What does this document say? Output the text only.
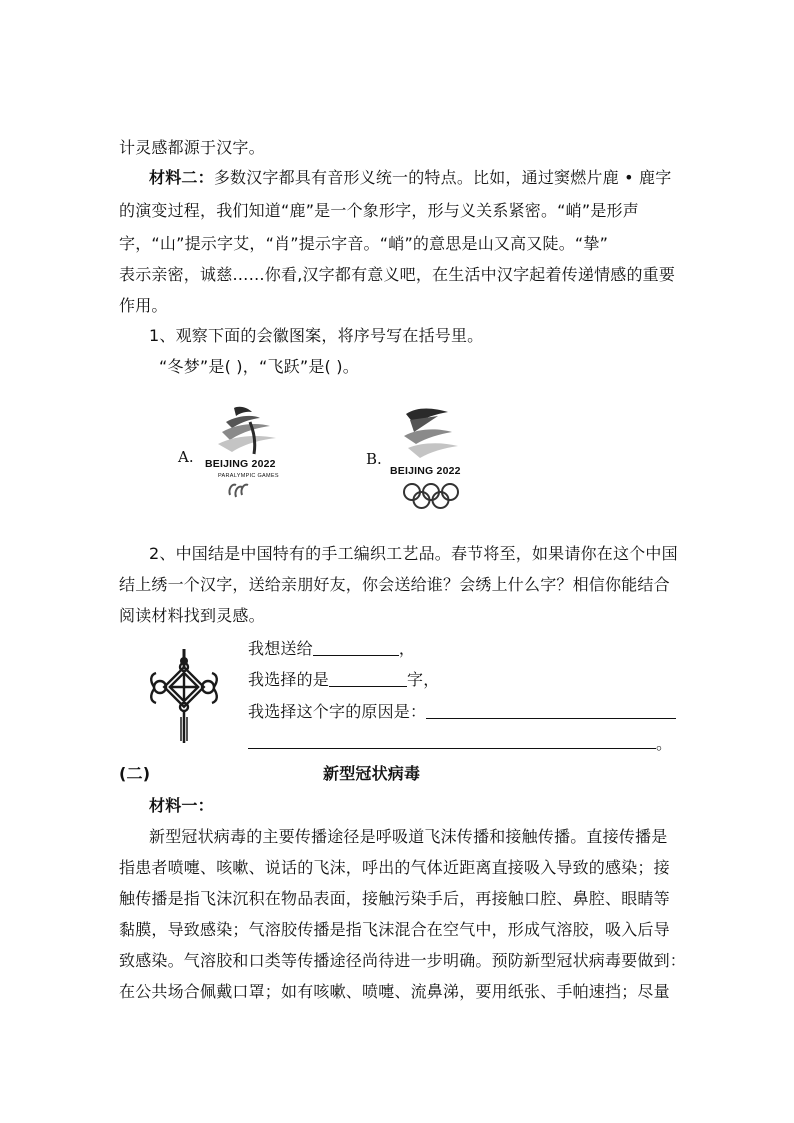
计灵感都源于汉字。
材料二：多数汉字都具有音形义统一的特点。比如，通过窦燃片鹿 • 鹿字
的演变过程，我们知道“鹿”是一个象形字，形与义关系紧密。“峭”是形声
字，“山”提示字艾，“肖”提示字音。“峭”的意思是山又高又陡。“挚”
表示亲密，诚慈……你看,汉字都有意义吧，在生活中汉字起着传递情感的重要
作用。
1、观察下面的会徽图案，将序号写在括号里。
“冬梦”是( )，“飞跃”是( )。
A. BEIJING 2022
PARALYMPIC GAMES
B.
BEIJING 2022
2、中国结是中国特有的手工编织工艺品。春节将至，如果请你在这个中国
结上绣一个汉字，送给亲朋好友，你会送给谁？会绣上什么字？相信你能结合
阅读材料找到灵感。
我想送给	，
我选择的是	字，
我选择这个字的原因是：
。
(二)	新型冠状病毒
材料一：
新型冠状病毒的主要传播途径是呼吸道飞沫传播和接触传播。直接传播是
指患者喷嚏、咳嗽、说话的飞沫，呼出的气体近距离直接吸入导致的感染；接
触传播是指飞沫沉积在物品表面，接触污染手后，再接触口腔、鼻腔、眼睛等
黏膜，导致感染；气溶胶传播是指飞沫混合在空气中，形成气溶胶，吸入后导
致感染。气溶胶和口类等传播途径尚待进一步明确。预防新型冠状病毒要做到：
在公共场合佩戴口罩；如有咳嗽、喷嚏、流鼻涕，要用纸张、手帕速挡；尽量
